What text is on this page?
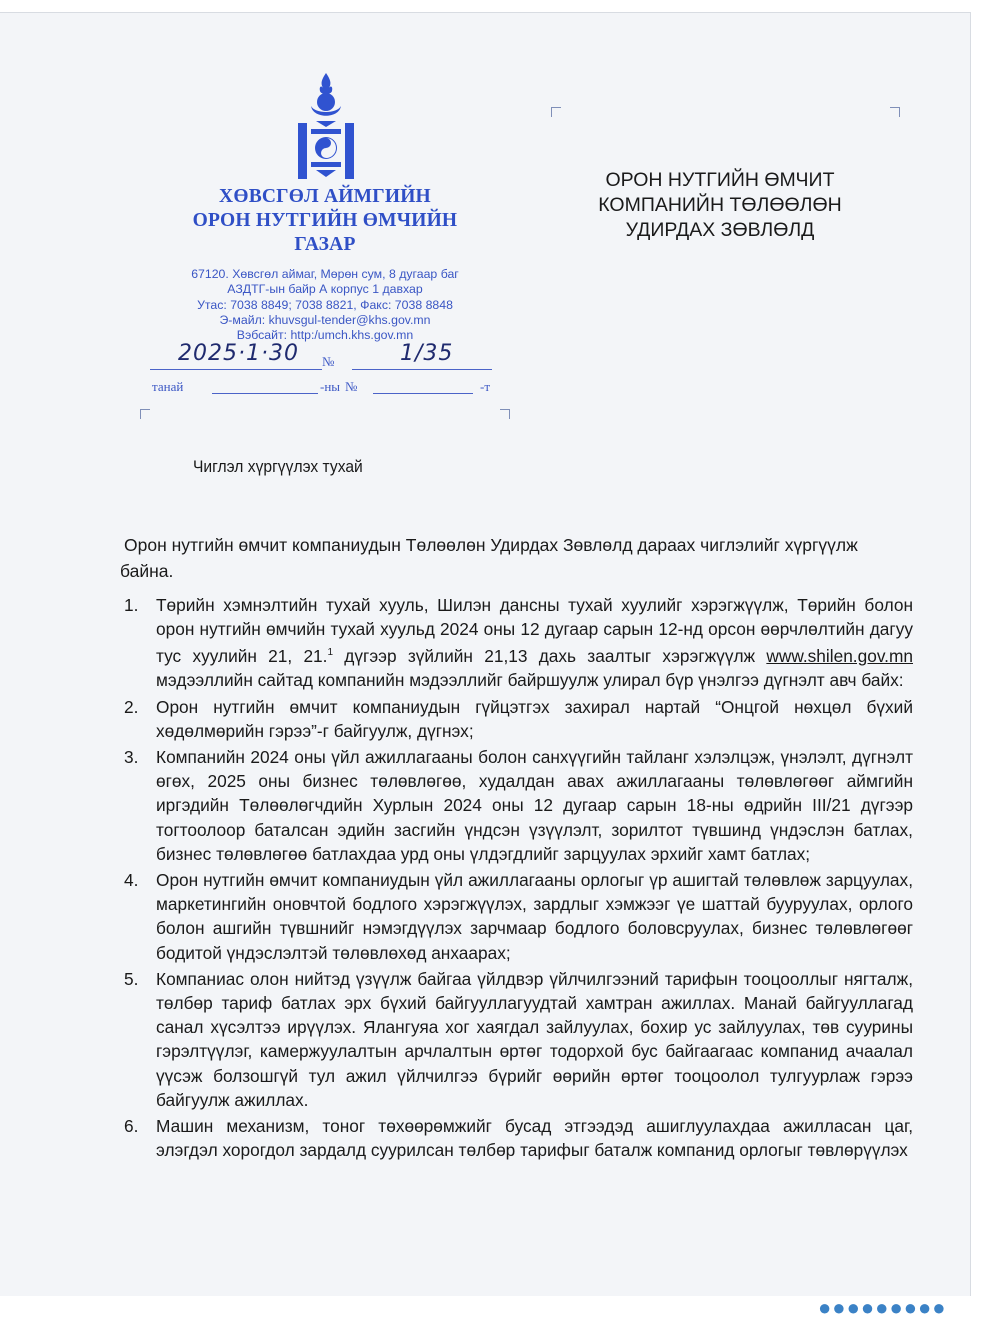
ХӨВСГӨЛ АЙМГИЙН
ОРОН НУТГИЙН ӨМЧИЙН
ГАЗАР
67120. Хөвсгөл аймаг, Мөрөн сум, 8 дугаар баг
АЗДТГ-ын байр А корпус 1 давхар
Утас: 7038 8849; 7038 8821, Факс: 7038 8848
Э-майл: khuvsgul-tender@khs.gov.mn
Вэбсайт: http:/umch.khs.gov.mn
2025·1·30 №	1/35
танай	-ны №	-т
ОРОН НУТГИЙН ӨМЧИТ
КОМПАНИЙН ТӨЛӨӨЛӨН
УДИРДАХ ЗӨВЛӨЛД
Чиглэл хүргүүлэх тухай
Орон нутгийн өмчит компаниудын Төлөөлөн Удирдах Зөвлөлд дараах чиглэлийг хүргүүлж байна.
1. Төрийн хэмнэлтийн тухай хууль, Шилэн дансны тухай хуулийг хэрэгжүүлж, Төрийн болон орон нутгийн өмчийн тухай хуульд 2024 оны 12 дугаар сарын 12-нд орсон өөрчлөлтийн дагуу тус хуулийн 21, 21.$^1$ дүгээр зүйлийн 21,13 дахь заалтыг хэрэгжүүлж www.shilen.gov.mn мэдээллийн сайтад компанийн мэдээллийг байршуулж улирал бүр үнэлгээ дүгнэлт авч байх:
2. Орон нутгийн өмчит компаниудын гүйцэтгэх захирал нартай “Онцгой нөхцөл бүхий хөдөлмөрийн гэрээ”-г байгуулж, дүгнэх;
3. Компанийн 2024 оны үйл ажиллагааны болон санхүүгийн тайланг хэлэлцэж, үнэлэлт, дүгнэлт өгөх, 2025 оны бизнес төлөвлөгөө, худалдан авах ажиллагааны төлөвлөгөөг аймгийн иргэдийн Төлөөлөгчдийн Хурлын 2024 оны 12 дугаар сарын 18-ны өдрийн III/21 дүгээр тогтоолоор баталсан эдийн засгийн үндсэн үзүүлэлт, зорилтот түвшинд үндэслэн батлах, бизнес төлөвлөгөө батлахдаа урд оны үлдэгдлийг зарцуулах эрхийг хамт батлах;
4. Орон нутгийн өмчит компаниудын үйл ажиллагааны орлогыг үр ашигтай төлөвлөж зарцуулах, маркетингийн оновчтой бодлого хэрэгжүүлэх, зардлыг хэмжээг үе шаттай бууруулах, орлого болон ашгийн түвшнийг нэмэгдүүлэх зарчмаар бодлого боловсруулах, бизнес төлөвлөгөөг бодитой үндэслэлтэй төлөвлөхөд анхаарах;
5. Компаниас олон нийтэд үзүүлж байгаа үйлдвэр үйлчилгээний тарифын тооцооллыг нягталж, төлбөр тариф батлах эрх бүхий байгууллагуудтай хамтран ажиллах. Манай байгууллагад санал хүсэлтээ ирүүлэх. Ялангуяа хог хаягдал зайлуулах, бохир ус зайлуулах, төв суурины гэрэлтүүлэг, камержуулалтын арчлалтын өртөг тодорхой бус байгаагаас компанид ачаалал үүсэж болзошгүй тул ажил үйлчилгээ бүрийг өөрийн өртөг тооцоолол тулгуурлаж гэрээ байгуулж ажиллах.
6. Машин механизм, тоног төхөөрөмжийг бусад этгээдэд ашиглуулахдаа ажилласан цаг, элэгдэл хорогдол зардалд суурилсан төлбөр тарифыг баталж компанид орлогыг төвлөрүүлэх
●●●●●●●●●
